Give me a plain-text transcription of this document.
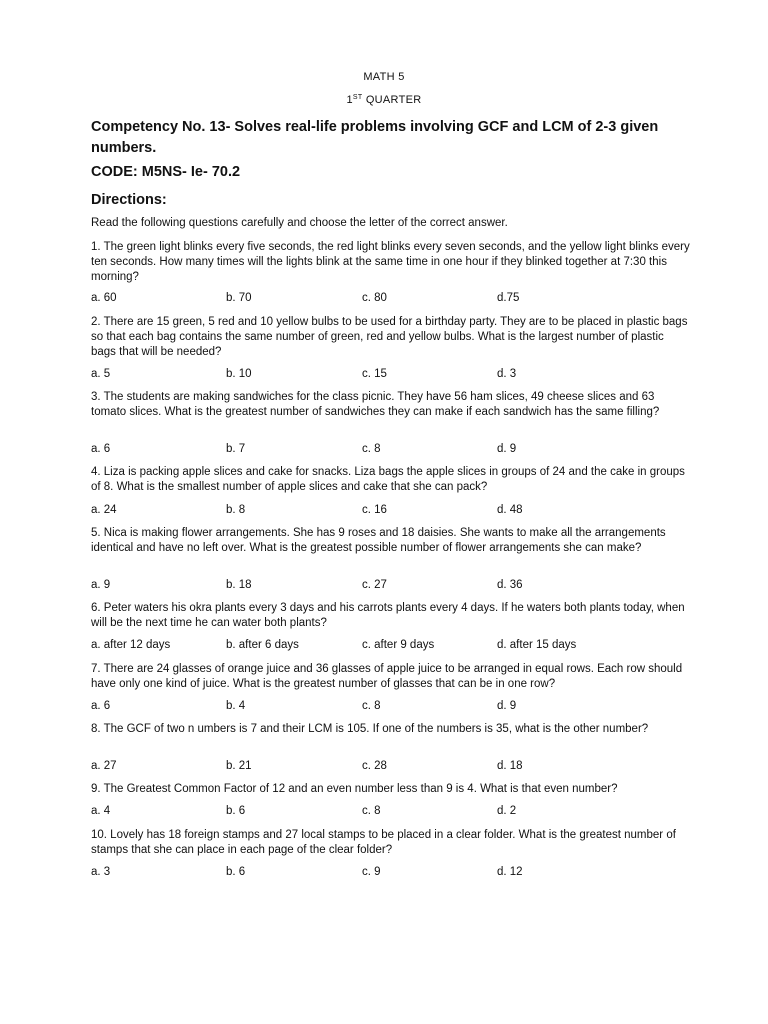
MATH 5
1ST QUARTER
Competency No. 13- Solves real-life problems involving GCF and LCM of 2-3 given numbers.
CODE: M5NS- Ie- 70.2
Directions:
Read the following questions carefully and choose the letter of the correct answer.
1. The green light blinks every five seconds, the red light blinks every seven seconds, and the yellow light blinks every ten seconds. How many times will the lights blink at the same time in one hour if they blinked together at 7:30 this morning?
a. 60	b. 70	c. 80	d.75
2. There are 15 green, 5 red and 10 yellow bulbs to be used for a birthday party. They are to be placed in plastic bags so that each bag contains the same number of green, red and yellow bulbs. What is the largest number of plastic bags that will be needed?
a. 5	b. 10	c. 15	d. 3
3. The students are making sandwiches for the class picnic. They have 56 ham slices, 49 cheese slices and 63 tomato slices. What is the greatest number of sandwiches they can make if each sandwich has the same filling?
a. 6	b. 7	c. 8	d. 9
4. Liza is packing apple slices and cake for snacks. Liza bags the apple slices in groups of 24 and the cake in groups of 8. What is the smallest number of apple slices and cake that she can pack?
a. 24	b. 8	c. 16	d. 48
5. Nica is making flower arrangements. She has 9 roses and 18 daisies. She wants to make all the arrangements identical and have no left over. What is the greatest possible number of flower arrangements she can make?
a. 9	b. 18	c. 27	d. 36
6. Peter waters his okra plants every 3 days and his carrots plants every 4 days. If he waters both plants today, when will be the next time he can water both plants?
a. after 12 days	b. after 6 days	c. after 9 days	d. after 15 days
7. There are 24 glasses of orange juice and 36 glasses of apple juice to be arranged in equal rows. Each row should have only one kind of juice. What is the greatest number of glasses that can be in one row?
a. 6	b. 4	c. 8	d. 9
8. The GCF of two n umbers is 7 and their LCM is 105. If one of the numbers is 35, what is the other number?
a. 27	b. 21	c. 28	d. 18
9. The Greatest Common Factor of 12 and an even number less than 9 is 4. What is that even number?
a. 4	b. 6	c. 8	d. 2
10. Lovely has 18 foreign stamps and 27 local stamps to be placed in a clear folder. What is the greatest number of stamps that she can place in each page of the clear folder?
a. 3	b. 6	c. 9	d. 12
